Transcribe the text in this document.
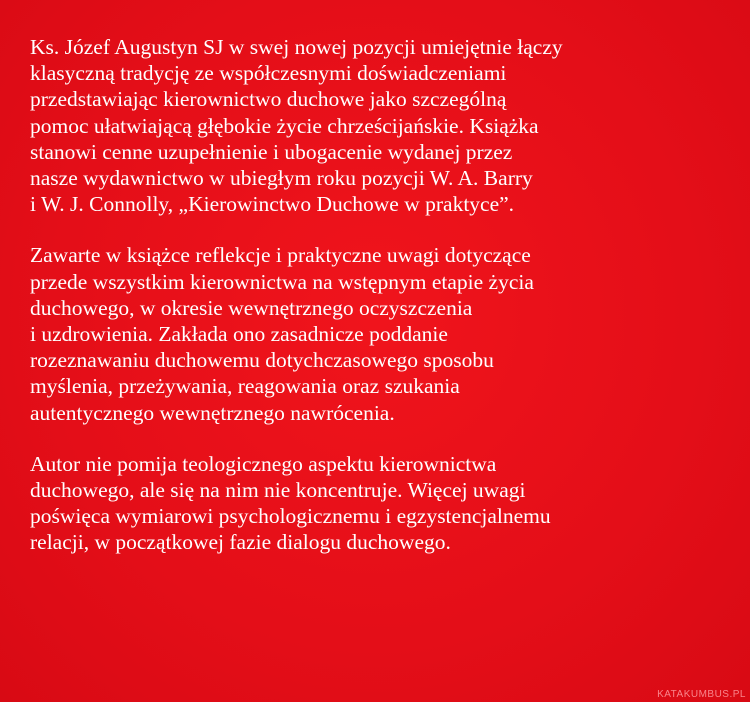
Ks. Józef Augustyn SJ w swej nowej pozycji umiejętnie łączy
klasyczną tradycję ze współczesnymi doświadczeniami
przedstawiając kierownictwo duchowe jako szczególną
pomoc ułatwiającą głębokie życie chrześcijańskie. Książka
stanowi cenne uzupełnienie i ubogacenie wydanej przez
nasze wydawnictwo w ubiegłym roku pozycji W. A. Barry
i W. J. Connolly, „Kierowinctwo Duchowe w praktyce”.

Zawarte w książce reflekcje i praktyczne uwagi dotyczące
przede wszystkim kierownictwa na wstępnym etapie życia
duchowego, w okresie wewnętrznego oczyszczenia
i uzdrowienia. Zakłada ono zasadnicze poddanie
rozeznawaniu duchowemu dotychczasowego sposobu
myślenia, przeżywania, reagowania oraz szukania
autentycznego wewnętrznego nawrócenia.

Autor nie pomija teologicznego aspektu kierownictwa
duchowego, ale się na nim nie koncentruje. Więcej uwagi
poświęca wymiarowi psychologicznemu i egzystencjalnemu
relacji, w początkowej fazie dialogu duchowego.

KATAKUMBUS.PL
